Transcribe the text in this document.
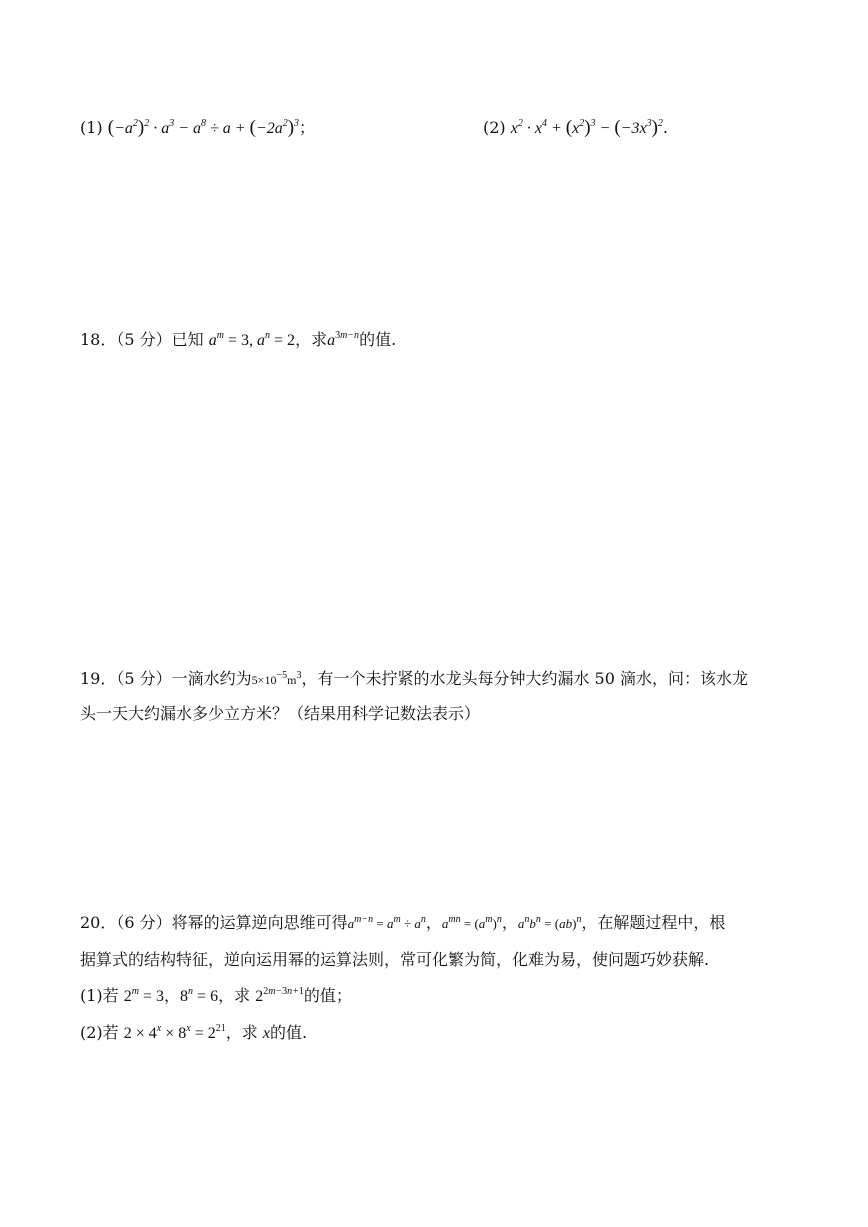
(1) $(-a^2)^2 \cdot a^3 - a^8 \div a + (-2a^2)^3$；	(2) $x^2 \cdot x^4 + (x^2)^3 - (-3x^3)^2$.
18．（5 分）已知 $a^m = 3$, $a^n = 2$，求$a^{3m-n}$的值.
19．（5 分）一滴水约为$5\times 10^{-5}m^3$，有一个未拧紧的水龙头每分钟大约漏水 50 滴水，问：该水龙
头一天大约漏水多少立方米？（结果用科学记数法表示）
20．（6 分）将幂的运算逆向思维可得$a^{m-n} = a^m \div a^n$，$a^{mn} = (a^m)^n$，$a^nb^n = (ab)^n$，在解题过程中，根
据算式的结构特征，逆向运用幂的运算法则，常可化繁为简，化难为易，使问题巧妙获解.
(1)若 $2^m = 3$，$8^n = 6$，求 $2^{2m-3n+1}$的值；
(2)若 $2 \times 4^x \times 8^x = 2^{21}$，求 x的值.
